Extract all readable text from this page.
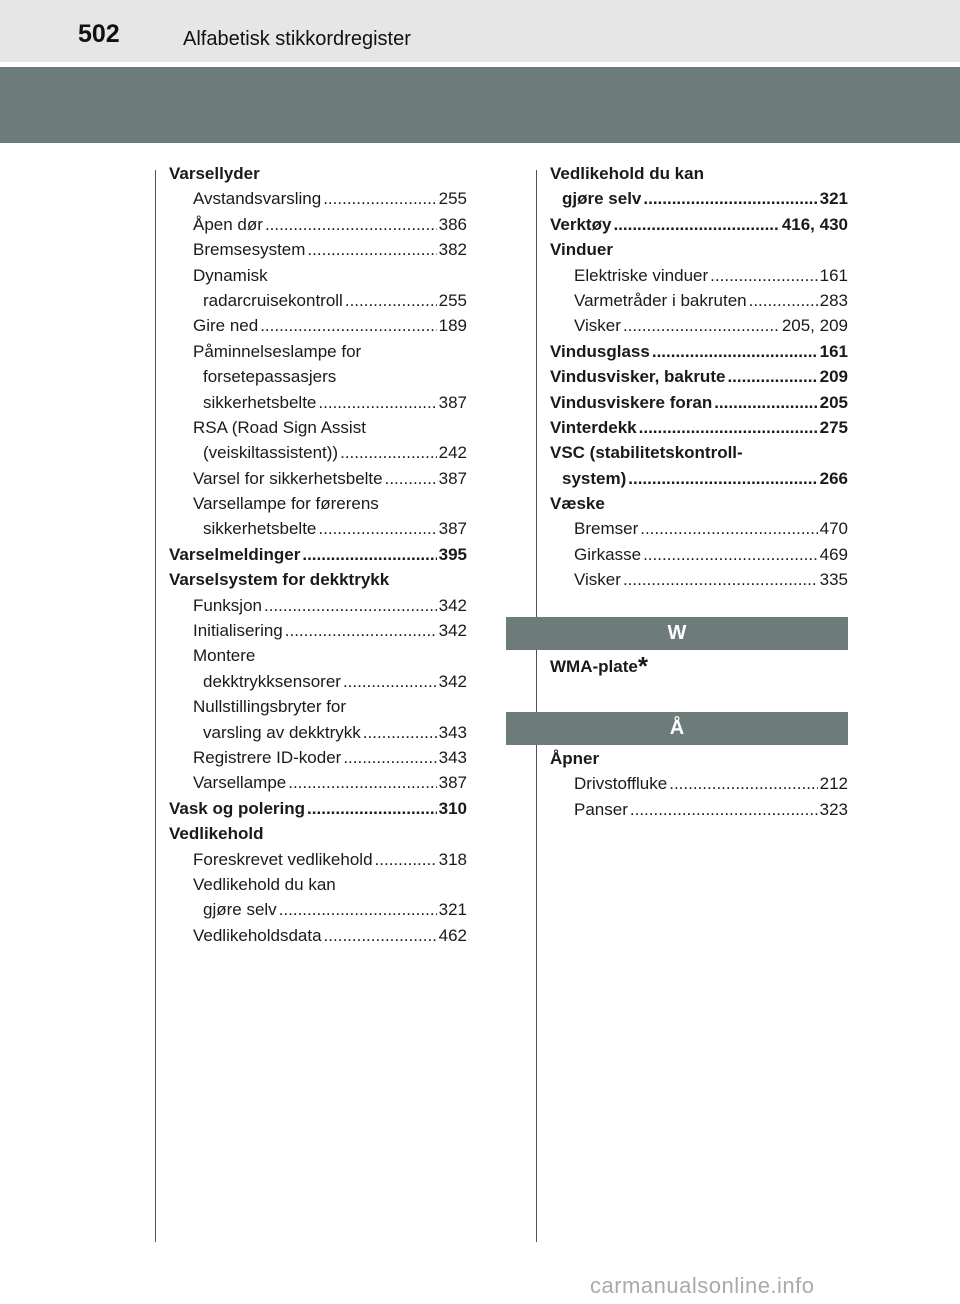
502	Alfabetisk stikkordregister
Varsellyder
Avstandsvarsling .....	255
Åpen dør .....	386
Bremsesystem .....	382
Dynamisk
radarcruisekontroll .....	255
Gire ned .....	189
Påminnelseslampe for
forsetepassasjers
sikkerhetsbelte .....	387
RSA (Road Sign Assist
(veiskiltassistent)) .....	242
Varsel for sikkerhetsbelte .....	387
Varsellampe for førerens
sikkerhetsbelte .....	387
Varselmeldinger .....	395
Varselsystem for dekktrykk
Funksjon .....	342
Initialisering .....	342
Montere
dekktrykksensorer .....	342
Nullstillingsbryter for
varsling av dekktrykk .....	343
Registrere ID-koder .....	343
Varsellampe .....	387
Vask og polering .....	310
Vedlikehold
Foreskrevet vedlikehold .....	318
Vedlikehold du kan
gjøre selv .....	321
Vedlikeholdsdata .....	462
Vedlikehold du kan
gjøre selv .....	321
Verktøy .....	416, 430
Vinduer
Elektriske vinduer .....	161
Varmetråder i bakruten .....	283
Visker .....	205, 209
Vindusglass .....	161
Vindusvisker, bakrute .....	209
Vindusviskere foran .....	205
Vinterdekk .....	275
VSC (stabilitetskontroll-
system) .....	266
Væske
Bremser .....	470
Girkasse .....	469
Visker .....	335
W
WMA-plate*
Å
Åpner
Drivstoffluke .....	212
Panser .....	323
carmanualsonline.info
